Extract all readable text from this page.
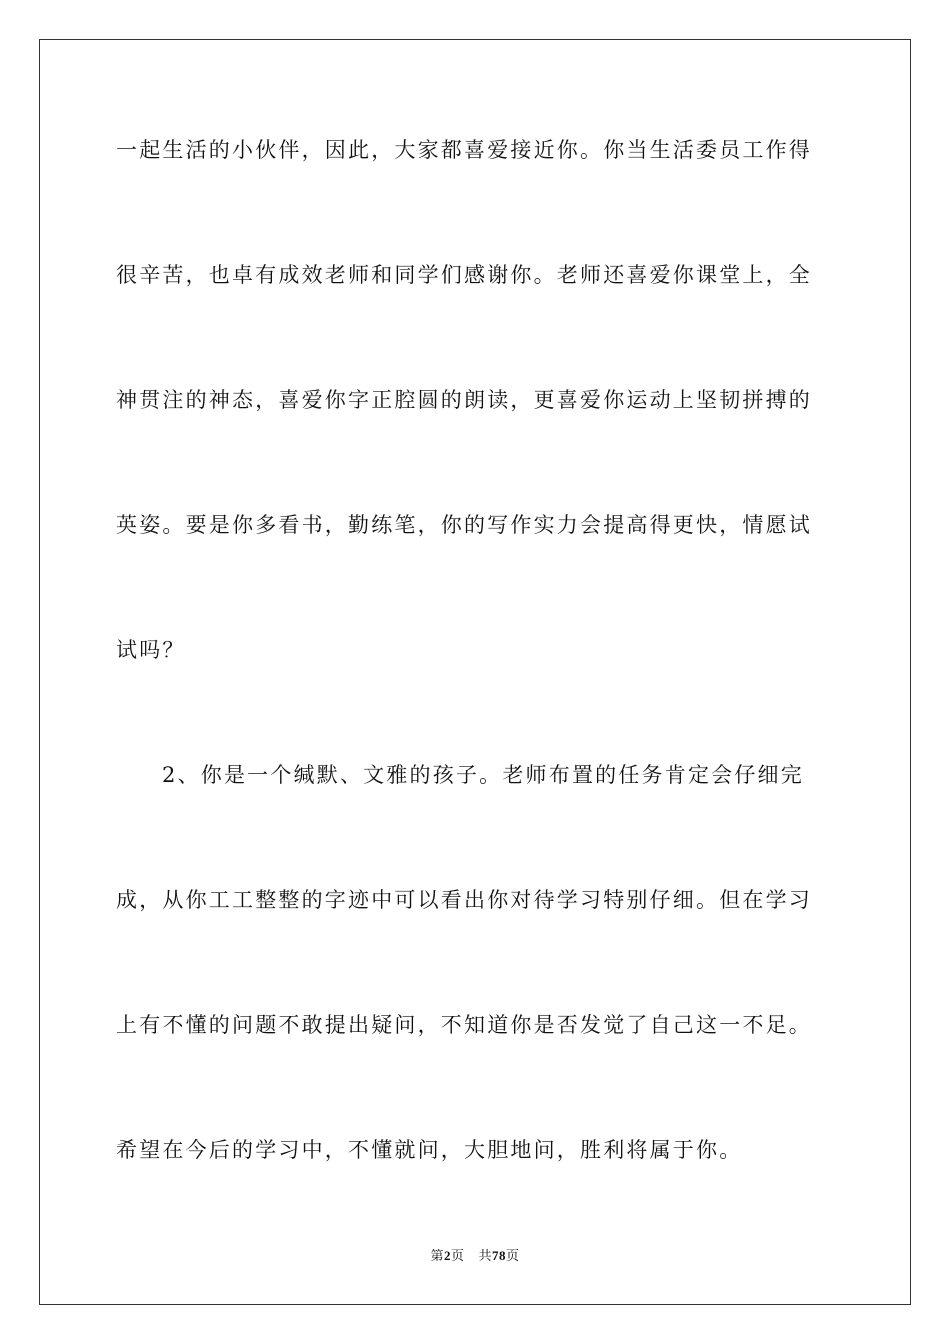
一起生活的小伙伴，因此，大家都喜爱接近你。你当生活委员工作得
很辛苦，也卓有成效老师和同学们感谢你。老师还喜爱你课堂上，全
神贯注的神态，喜爱你字正腔圆的朗读，更喜爱你运动上坚韧拼搏的
英姿。要是你多看书，勤练笔，你的写作实力会提高得更快，情愿试
试吗？
2、你是一个缄默、文雅的孩子。老师布置的任务肯定会仔细完
成，从你工工整整的字迹中可以看出你对待学习特别仔细。但在学习
上有不懂的问题不敢提出疑问，不知道你是否发觉了自己这一不足。
希望在今后的学习中，不懂就问，大胆地问，胜利将属于你。
第2页 共78页
